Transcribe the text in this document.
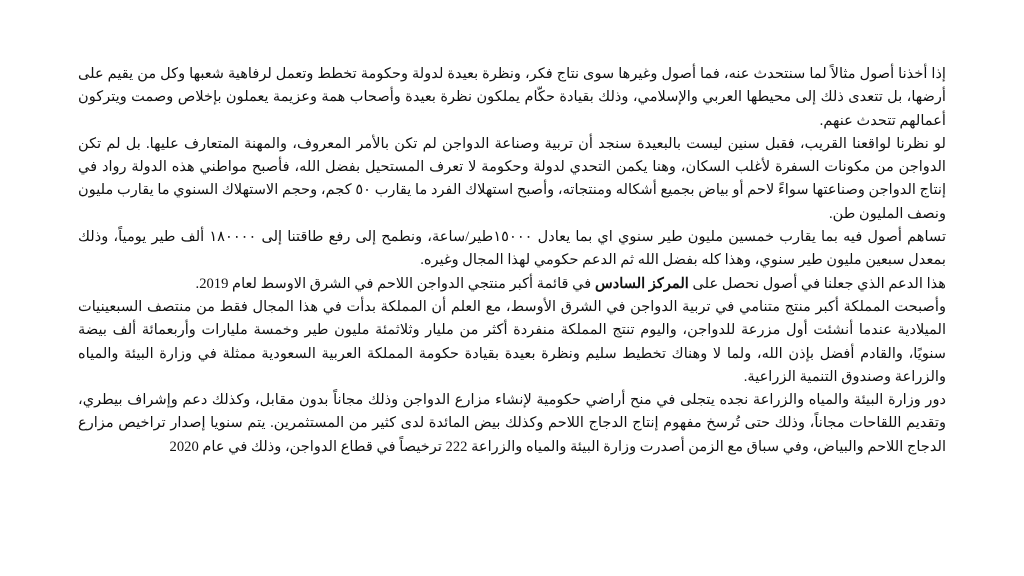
إذا أخذنا أصول مثالاً لما سنتحدث عنه، فما أصول وغيرها سوى نتاج فكر، ونظرة بعيدة لدولة وحكومة تخطط وتعمل لرفاهية شعبها وكل من يقيم على أرضها، بل تتعدى ذلك إلى محيطها العربي والإسلامي، وذلك بقيادة حكّام يملكون نظرة بعيدة وأصحاب همة وعزيمة يعملون بإخلاص وصمت ويتركون أعمالهم تتحدث عنهم.

لو نظرنا لواقعنا القريب، فقبل سنين ليست بالبعيدة سنجد أن تربية وصناعة الدواجن لم تكن بالأمر المعروف، والمهنة المتعارف عليها. بل لم تكن الدواجن من مكونات السفرة لأغلب السكان، وهنا يكمن التحدي لدولة وحكومة لا تعرف المستحيل بفضل الله، فأصبح مواطني هذه الدولة رواد في إنتاج الدواجن وصناعتها سواءً لاحم أو بياض بجميع أشكاله ومنتجاته، وأصبح استهلاك الفرد ما يقارب ٥٠ كجم، وحجم الاستهلاك السنوي ما يقارب مليون ونصف المليون طن.

تساهم أصول فيه بما يقارب خمسين مليون طير سنوي اي بما يعادل ١٥٠٠٠طير/ساعة، ونطمح إلى رفع طاقتنا إلى ١٨٠٠٠٠ ألف طير يومياً، وذلك بمعدل سبعين مليون طير سنوي، وهذا كله بفضل الله ثم الدعم حكومي لهذا المجال وغيره.

هذا الدعم الذي جعلنا في أصول نحصل على المركز السادس في قائمة أكبر منتجي الدواجن اللاحم في الشرق الاوسط لعام 2019.

وأصبحت المملكة أكبر منتج متنامي في تربية الدواجن في الشرق الأوسط، مع العلم أن المملكة بدأت في هذا المجال فقط من منتصف السبعينيات الميلادية عندما أنشئت أول مزرعة للدواجن، واليوم تنتج المملكة منفردة أكثر من مليار وثلاثمئة مليون طير وخمسة مليارات وأربعمائة ألف بيضة سنويًا، والقادم أفضل بإذن الله، ولما لا وهناك تخطيط سليم ونظرة بعيدة بقيادة حكومة المملكة العربية السعودية ممثلة في وزارة البيئة والمياه والزراعة وصندوق التنمية الزراعية.

دور وزارة البيئة والمياه والزراعة نجده يتجلى في منح أراضي حكومية لإنشاء مزارع الدواجن وذلك مجاناً بدون مقابل، وكذلك دعم وإشراف بيطري، وتقديم اللقاحات مجاناً، وذلك حتى تُرسخ مفهوم إنتاج الدجاج اللاحم وكذلك بيض المائدة لدى كثير من المستثمرين. يتم سنويا إصدار تراخيص مزارع الدجاج اللاحم والبياض، وفي سباق مع الزمن أصدرت وزارة البيئة والمياه والزراعة 222 ترخيصاً في قطاع الدواجن، وذلك في عام 2020
